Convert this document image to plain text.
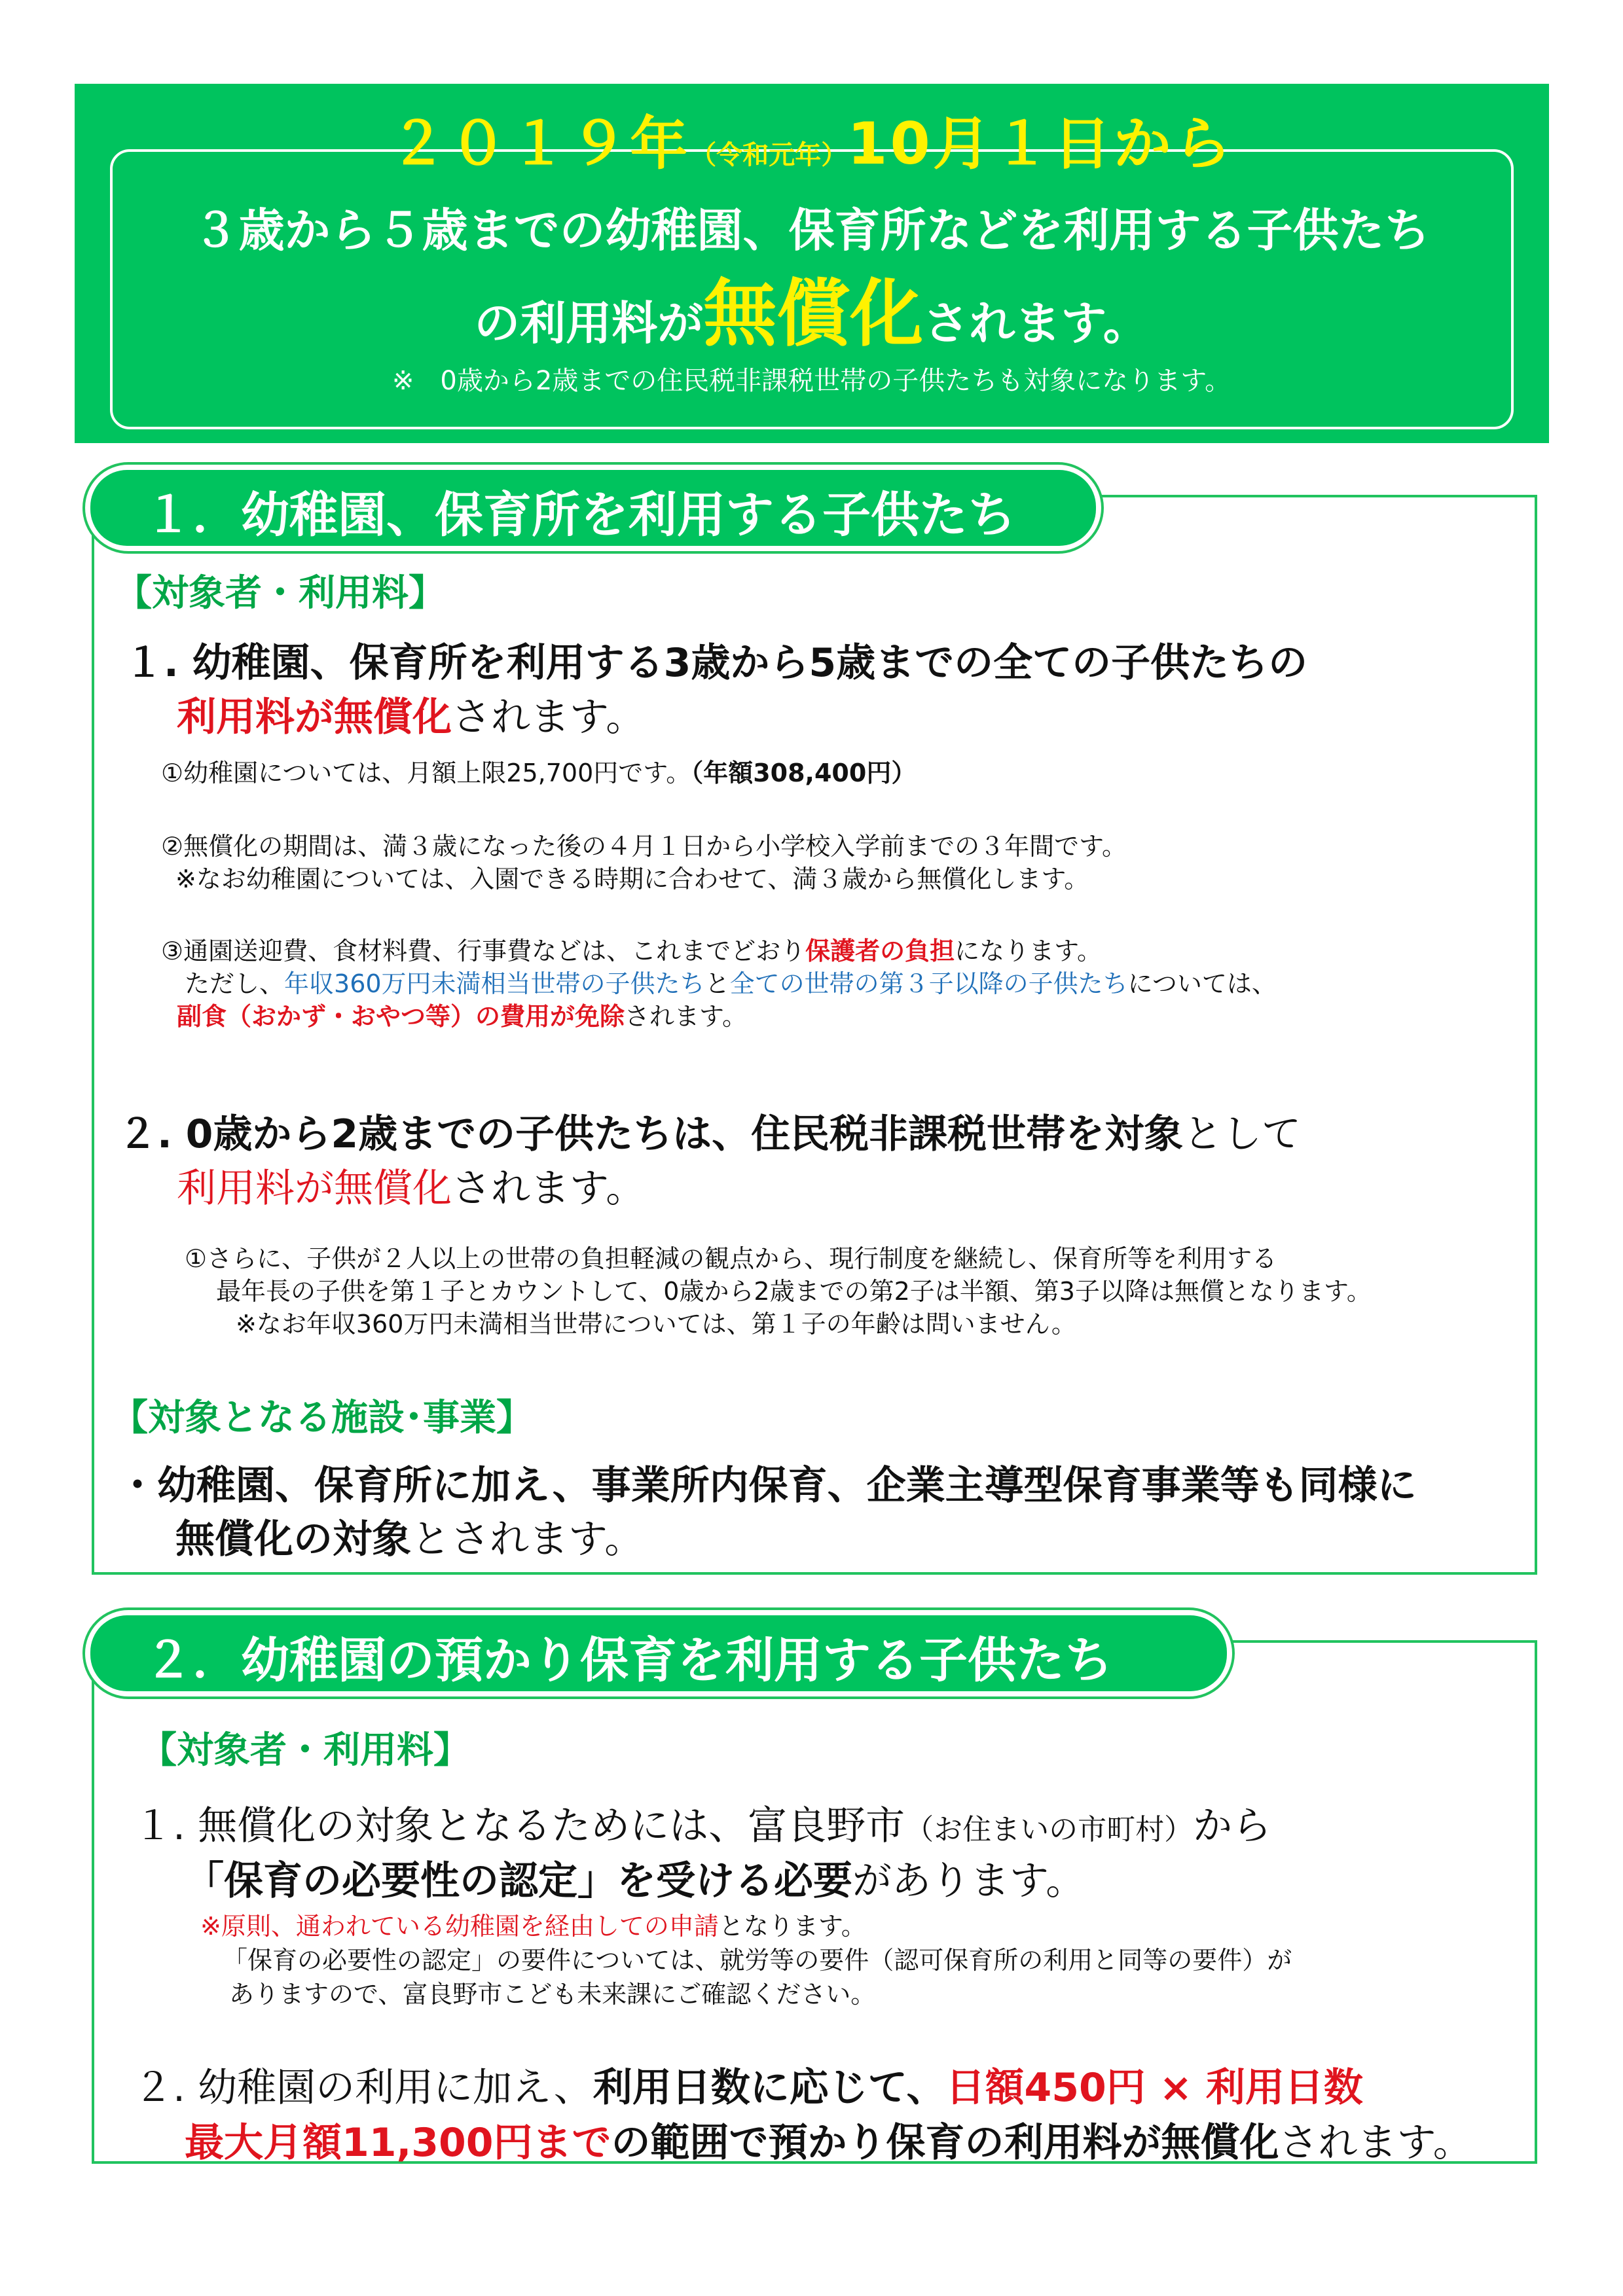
２０１９年（令和元年）10月１日から
３歳から５歳までの幼稚園、保育所などを利用する子供たち
の利用料が無償化されます。
※　0歳から2歳までの住民税非課税世帯の子供たちも対象になります。
１．幼稚園、保育所を利用する子供たち
【対象者・利用料】
１. 幼稚園、保育所を利用する3歳から5歳までの全ての子供たちの
利用料が無償化されます。
①幼稚園については、月額上限25,700円です。（年額308,400円）
②無償化の期間は、満３歳になった後の４月１日から小学校入学前までの３年間です。
※なお幼稚園については、入園できる時期に合わせて、満３歳から無償化します。
③通園送迎費、食材料費、行事費などは、これまでどおり保護者の負担になります。
ただし、年収360万円未満相当世帯の子供たちと全ての世帯の第３子以降の子供たちについては、
副食（おかず・おやつ等）の費用が免除されます。
２. 0歳から2歳までの子供たちは、住民税非課税世帯を対象として
利用料が無償化されます。
①さらに、子供が２人以上の世帯の負担軽減の観点から、現行制度を継続し、保育所等を利用する
最年長の子供を第１子とカウントして、0歳から2歳までの第2子は半額、第3子以降は無償となります。
※なお年収360万円未満相当世帯については、第１子の年齢は問いません。
【対象となる施設･事業】
・幼稚園、保育所に加え、事業所内保育、企業主導型保育事業等も同様に
無償化の対象とされます。
２．幼稚園の預かり保育を利用する子供たち
【対象者・利用料】
１. 無償化の対象となるためには、富良野市（お住まいの市町村）から
「保育の必要性の認定」を受ける必要があります。
※原則、通われている幼稚園を経由しての申請となります。
「保育の必要性の認定」の要件については、就労等の要件（認可保育所の利用と同等の要件）が
ありますので、富良野市こども未来課にご確認ください。
２. 幼稚園の利用に加え、利用日数に応じて、日額450円 × 利用日数
最大月額11,300円までの範囲で預かり保育の利用料が無償化されます。
